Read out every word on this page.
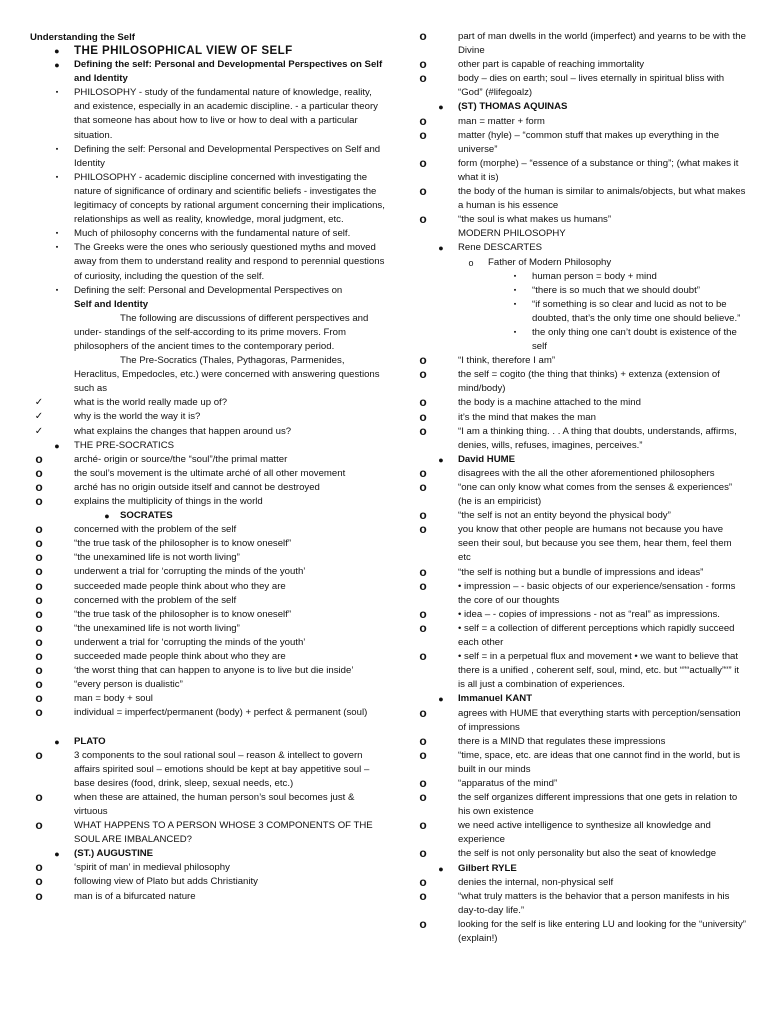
Understanding the Self
●	THE PHILOSOPHICAL VIEW OF SELF
●	Defining the self: Personal and Developmental Perspectives on Self and Identity
▪	PHILOSOPHY - study of the fundamental nature of knowledge, reality, and existence, especially in an academic discipline. - a particular theory that someone has about how to live or how to deal with a particular situation.
▪	Defining the self: Personal and Developmental Perspectives on Self and Identity
▪	PHILOSOPHY - academic discipline concerned with investigating the nature of significance of ordinary and scientific beliefs - investigates the legitimacy of concepts by rational argument concerning their implications, relationships as well as reality, knowledge, moral judgment, etc.
▪	Much of philosophy concerns with the fundamental nature of self.
▪	The Greeks were the ones who seriously questioned myths and moved away from them to understand reality and respond to perennial questions of curiosity, including the question of the self.
▪	Defining the self: Personal and Developmental Perspectives on
Self and Identity
The following are discussions of different perspectives and under- standings of the self-according to its prime movers. From philosophers of the ancient times to the contemporary period.
The Pre-Socratics (Thales, Pythagoras, Parmenides, Heraclitus, Empedocles, etc.) were concerned with answering questions such as
✓	what is the world really made up of?
✓	why is the world the way it is?
✓	what explains the changes that happen around us?
●	THE PRE-SOCRATICS
o	arché- origin or source/the “soul”/the primal matter
o	the soul’s movement is the ultimate arché of all other movement
o	arché has no origin outside itself and cannot be destroyed
o	explains the multiplicity of things in the world
●	SOCRATES
o	concerned with the problem of the self
o	“the true task of the philosopher is to know oneself”
o	“the unexamined life is not worth living”
o	underwent a trial for ‘corrupting the minds of the youth’
o	succeeded made people think about who they are
o	concerned with the problem of the self
o	“the true task of the philosopher is to know oneself”
o	“the unexamined life is not worth living”
o	underwent a trial for ‘corrupting the minds of the youth’
o	succeeded made people think about who they are
o	‘the worst thing that can happen to anyone is to live but die inside’
o	“every person is dualistic”
o	man = body + soul
o	individual = imperfect/permanent (body) + perfect & permanent (soul)
●	PLATO
o	3 components to the soul rational soul – reason & intellect to govern affairs spirited soul – emotions should be kept at bay appetitive soul – base desires (food, drink, sleep, sexual needs, etc.)
o	when these are attained, the human person’s soul becomes just & virtuous
o	WHAT HAPPENS TO A PERSON WHOSE 3 COMPONENTS OF THE SOUL ARE IMBALANCED?
●	(ST.) AUGUSTINE
o	‘spirit of man’ in medieval philosophy
o	following view of Plato but adds Christianity
o	man is of a bifurcated nature
o	part of man dwells in the world (imperfect) and yearns to be with the Divine
o	other part is capable of reaching immortality
o	body – dies on earth; soul – lives eternally in spiritual bliss with “God” (#lifegoalz)
●	(ST) THOMAS AQUINAS
o	man = matter + form
o	matter (hyle) – “common stuff that makes up everything in the universe”
o	form (morphe) – “essence of a substance or thing”; (what makes it what it is)
o	the body of the human is similar to animals/objects, but what makes a human is his essence
o	“the soul is what makes us humans”
MODERN PHILOSOPHY
●	Rene DESCARTES
o	Father of Modern Philosophy
▪	human person = body + mind
▪	“there is so much that we should doubt”
▪	“if something is so clear and lucid as not to be doubted, that’s the only time one should believe.”
▪	the only thing one can’t doubt is existence of the self
o	“I think, therefore I am”
o	the self = cogito (the thing that thinks) + extenza (extension of mind/body)
o	the body is a machine attached to the mind
o	it’s the mind that makes the man
o	“I am a thinking thing. . . A thing that doubts, understands, affirms, denies, wills, refuses, imagines, perceives.”
●	David HUME
o	disagrees with the all the other aforementioned philosophers
o	“one can only know what comes from the senses & experiences” (he is an empiricist)
o	“the self is not an entity beyond the physical body”
o	you know that other people are humans not because you have seen their soul, but because you see them, hear them, feel them etc
o	“the self is nothing but a bundle of impressions and ideas”
o	• impression – - basic objects of our experience/sensation - forms the core of our thoughts
o	• idea – - copies of impressions - not as “real” as impressions.
o	• self = a collection of different perceptions which rapidly succeed each other
o	• self = in a perpetual flux and movement • we want to believe that there is a unified , coherent self, soul, mind, etc. but “”“actually”“” it is all just a combination of experiences.
●	Immanuel KANT
o	agrees with HUME that everything starts with perception/sensation of impressions
o	there is a MIND that regulates these impressions
o	“time, space, etc. are ideas that one cannot find in the world, but is built in our minds
o	“apparatus of the mind”
o	the self organizes different impressions that one gets in relation to his own existence
o	we need active intelligence to synthesize all knowledge and experience
o	the self is not only personality but also the seat of knowledge
●	Gilbert RYLE
o	denies the internal, non-physical self
o	“what truly matters is the behavior that a person manifests in his day-to-day life.”
o	looking for the self is like entering LU and looking for the “university” (explain!)
